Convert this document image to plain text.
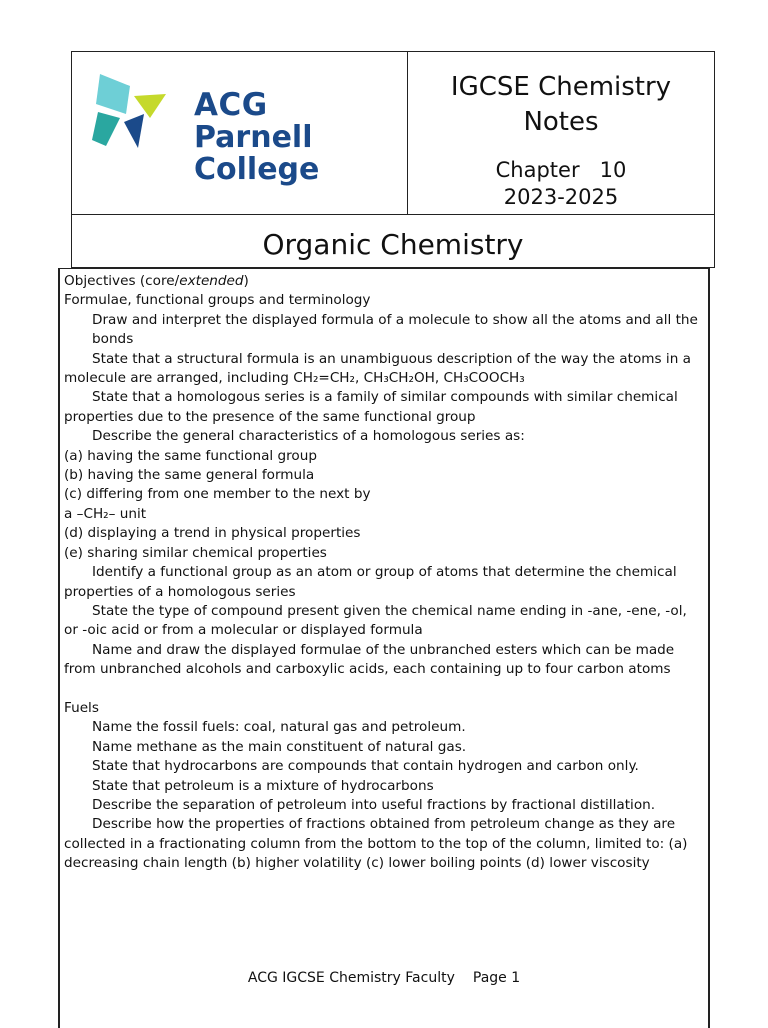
ACG
Parnell College
IGCSE Chemistry
Notes
Chapter   10
2023-2025
Organic Chemistry

Objectives (core/extended)

Formulae, functional groups and terminology

Draw and interpret the displayed formula of a molecule to show all the atoms and all the bonds

State that a structural formula is an unambiguous description of the way the atoms in a molecule are arranged, including CH₂=CH₂, CH₃CH₂OH, CH₃COOCH₃

State that a homologous series is a family of similar compounds with similar chemical properties due to the presence of the same functional group

Describe the general characteristics of a homologous series as:

(a) having the same functional group

(b) having the same general formula

(c) differing from one member to the next by

a –CH₂– unit

(d) displaying a trend in physical properties

(e) sharing similar chemical properties

Identify a functional group as an atom or group of atoms that determine the chemical properties of a homologous series

State the type of compound present given the chemical name ending in -ane, -ene, -ol, or -oic acid or from a molecular or displayed formula

Name and draw the displayed formulae of the unbranched esters which can be made from unbranched alcohols and carboxylic acids, each containing up to four carbon atoms

Fuels

Name the fossil fuels: coal, natural gas and petroleum.

Name methane as the main constituent of natural gas.

State that hydrocarbons are compounds that contain hydrogen and carbon only.

State that petroleum is a mixture of hydrocarbons

Describe the separation of petroleum into useful fractions by fractional distillation.

Describe how the properties of fractions obtained from petroleum change as they are collected in a fractionating column from the bottom to the top of the column, limited to: (a) decreasing chain length (b) higher volatility (c) lower boiling points (d) lower viscosity

ACG IGCSE Chemistry Faculty Page 1
